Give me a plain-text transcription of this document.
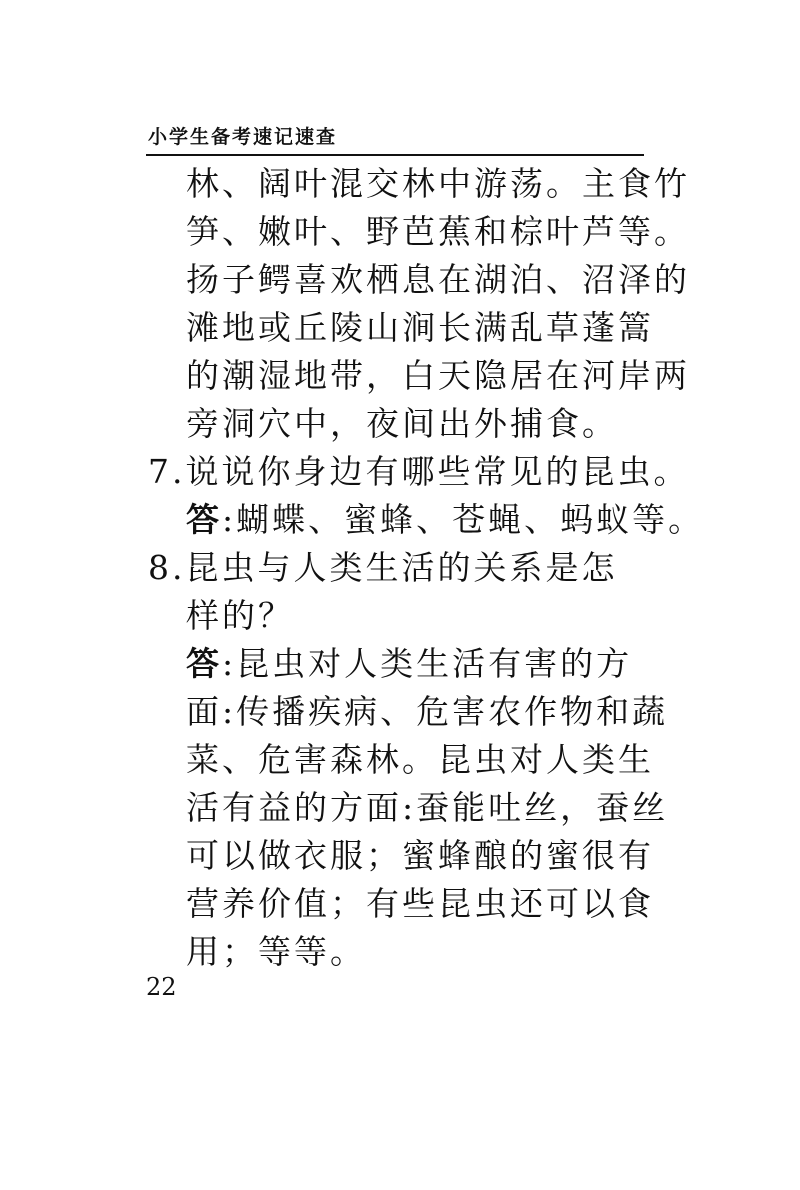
小学生备考速记速查
林、阔叶混交林中游荡。主食竹
笋、嫩叶、野芭蕉和棕叶芦等。
扬子鳄喜欢栖息在湖泊、沼泽的
滩地或丘陵山涧长满乱草蓬篙
的潮湿地带，白天隐居在河岸两
旁洞穴中，夜间出外捕食。
7.说说你身边有哪些常见的昆虫。
答:蝴蝶、蜜蜂、苍蝇、蚂蚁等。
8.昆虫与人类生活的关系是怎
样的？
答:昆虫对人类生活有害的方
面:传播疾病、危害农作物和蔬
菜、危害森林。昆虫对人类生
活有益的方面:蚕能吐丝，蚕丝
可以做衣服；蜜蜂酿的蜜很有
营养价值；有些昆虫还可以食
用；等等。
22
